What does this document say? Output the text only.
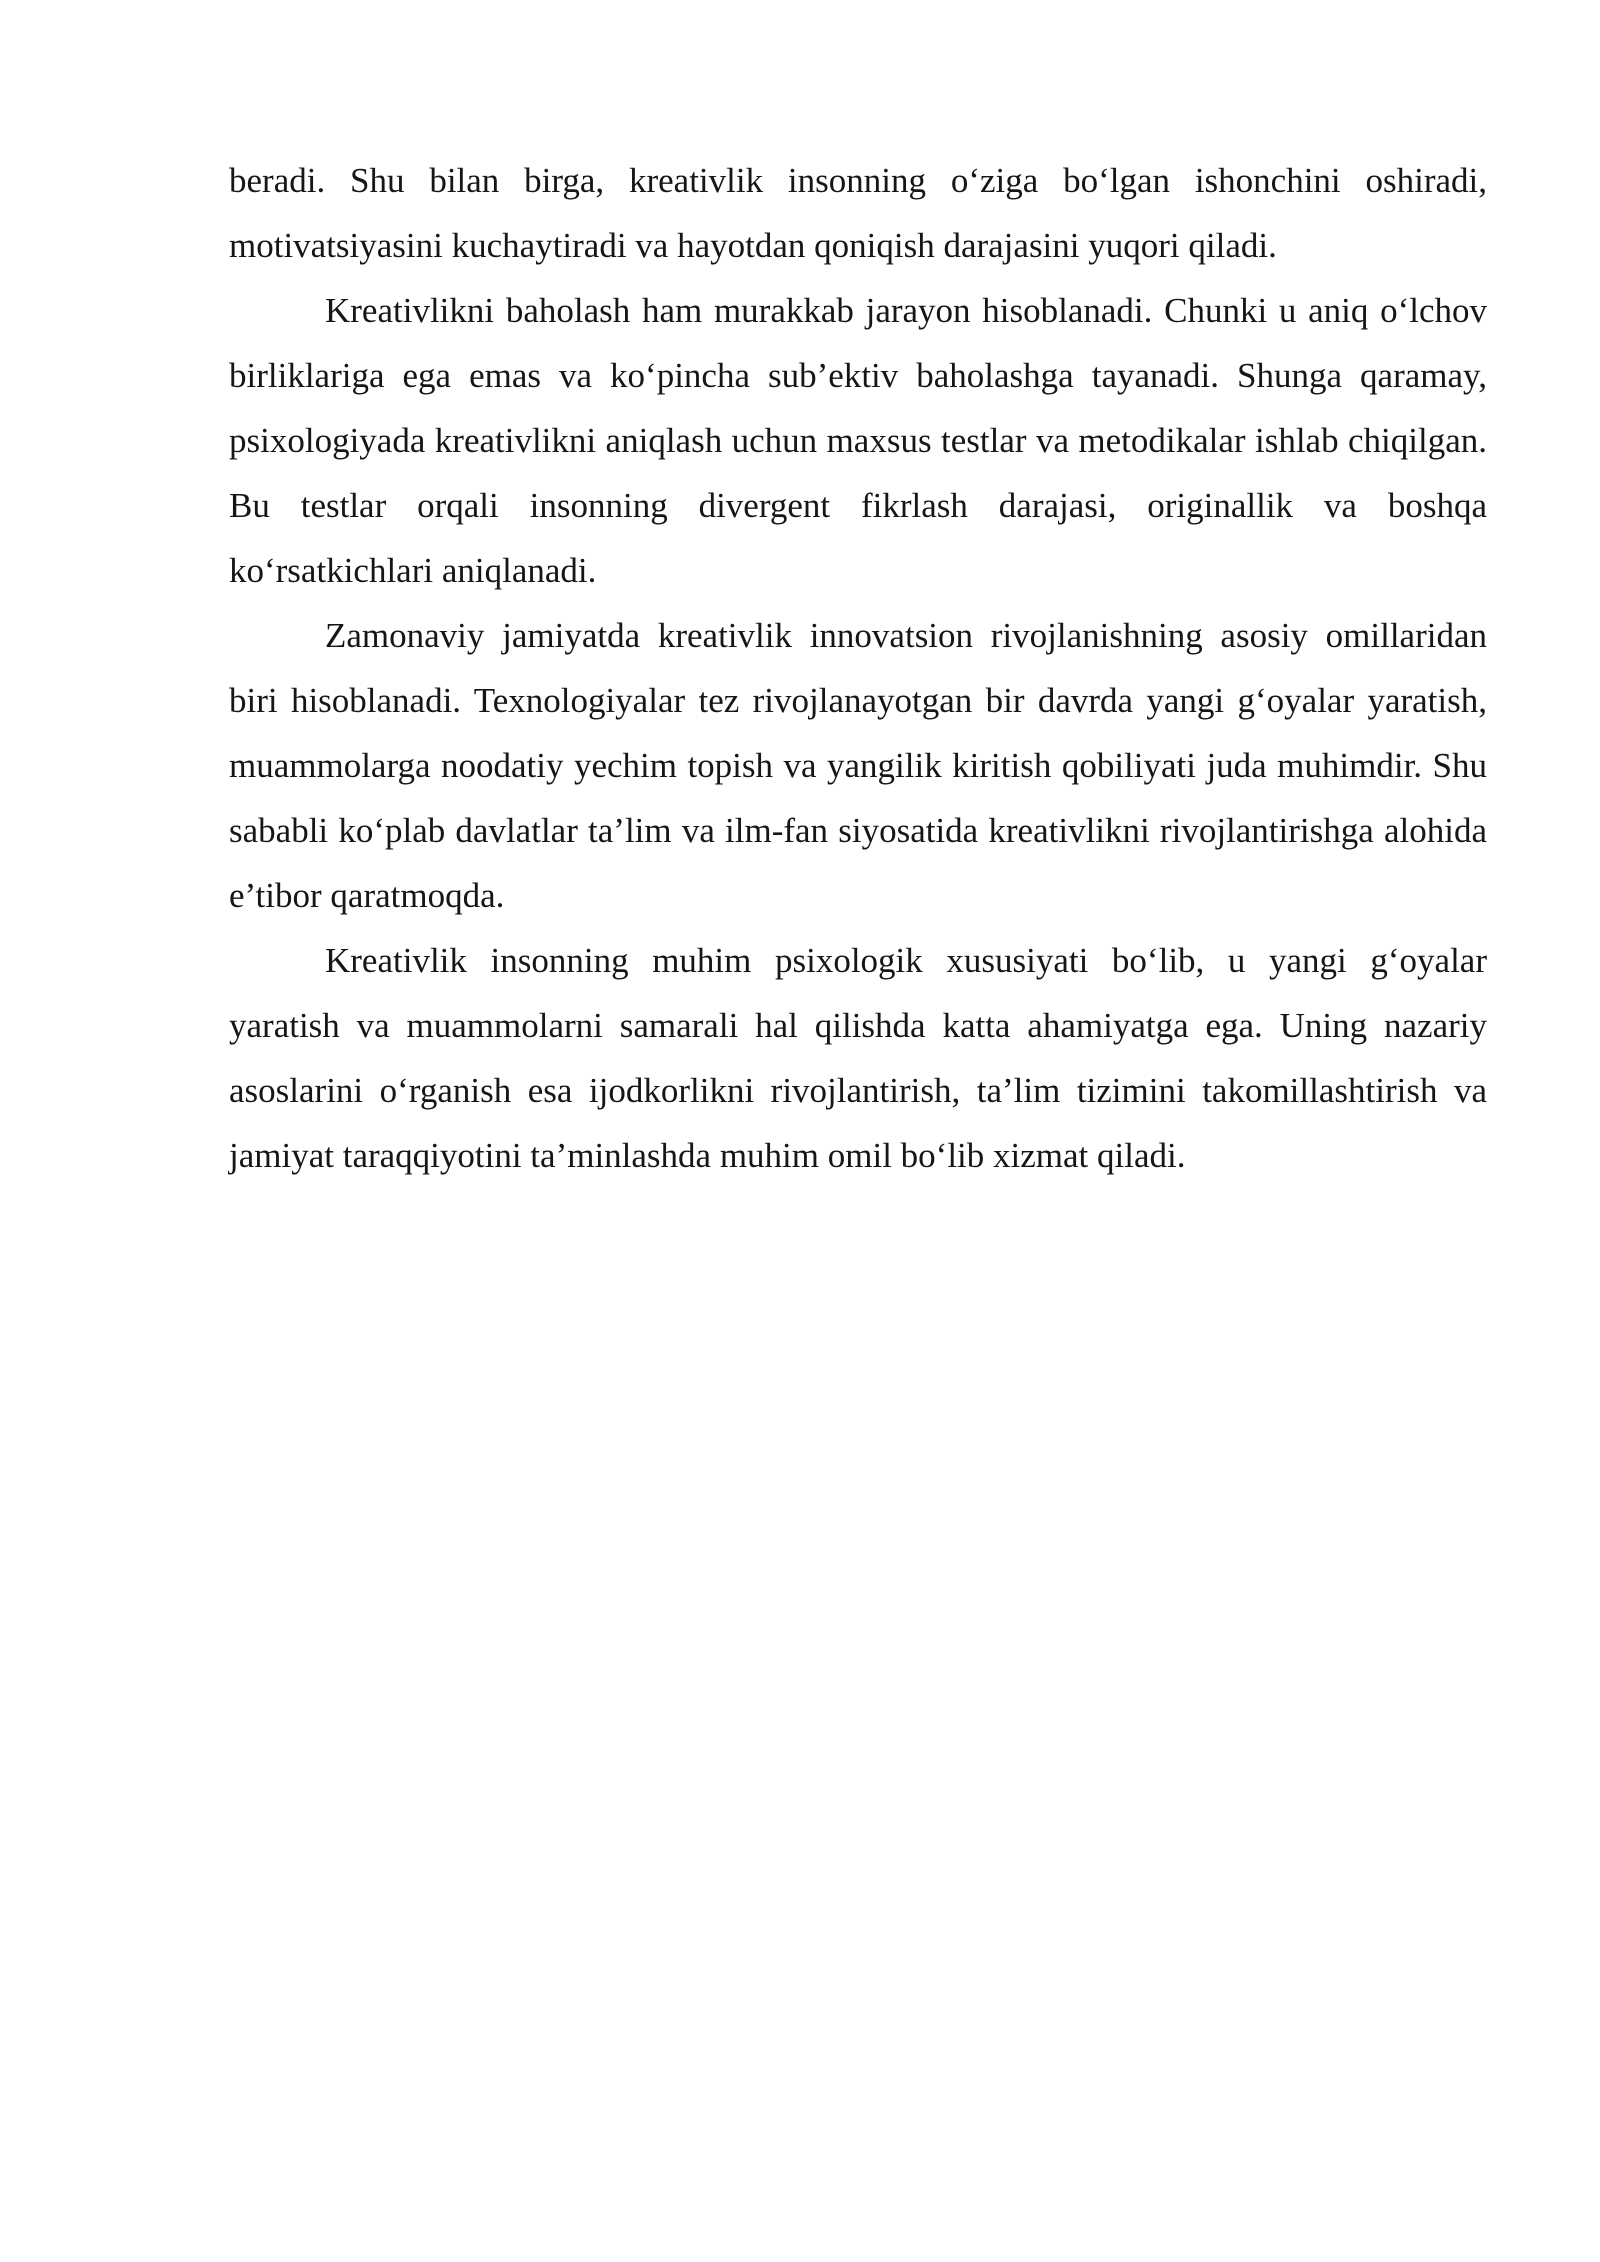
beradi. Shu bilan birga, kreativlik insonning o‘ziga bo‘lgan ishonchini oshiradi, motivatsiyasini kuchaytiradi va hayotdan qoniqish darajasini yuqori qiladi.

Kreativlikni baholash ham murakkab jarayon hisoblanadi. Chunki u aniq o‘lchov birliklariga ega emas va ko‘pincha sub’ektiv baholashga tayanadi. Shunga qaramay, psixologiyada kreativlikni aniqlash uchun maxsus testlar va metodikalar ishlab chiqilgan. Bu testlar orqali insonning divergent fikrlash darajasi, originallik va boshqa ko‘rsatkichlari aniqlanadi.

Zamonaviy jamiyatda kreativlik innovatsion rivojlanishning asosiy omillaridan biri hisoblanadi. Texnologiyalar tez rivojlanayotgan bir davrda yangi g‘oyalar yaratish, muammolarga noodatiy yechim topish va yangilik kiritish qobiliyati juda muhimdir. Shu sababli ko‘plab davlatlar ta’lim va ilm-fan siyosatida kreativlikni rivojlantirishga alohida e’tibor qaratmoqda.

Kreativlik insonning muhim psixologik xususiyati bo‘lib, u yangi g‘oyalar yaratish va muammolarni samarali hal qilishda katta ahamiyatga ega. Uning nazariy asoslarini o‘rganish esa ijodkorlikni rivojlantirish, ta’lim tizimini takomillashtirish va jamiyat taraqqiyotini ta’minlashda muhim omil bo‘lib xizmat qiladi.
